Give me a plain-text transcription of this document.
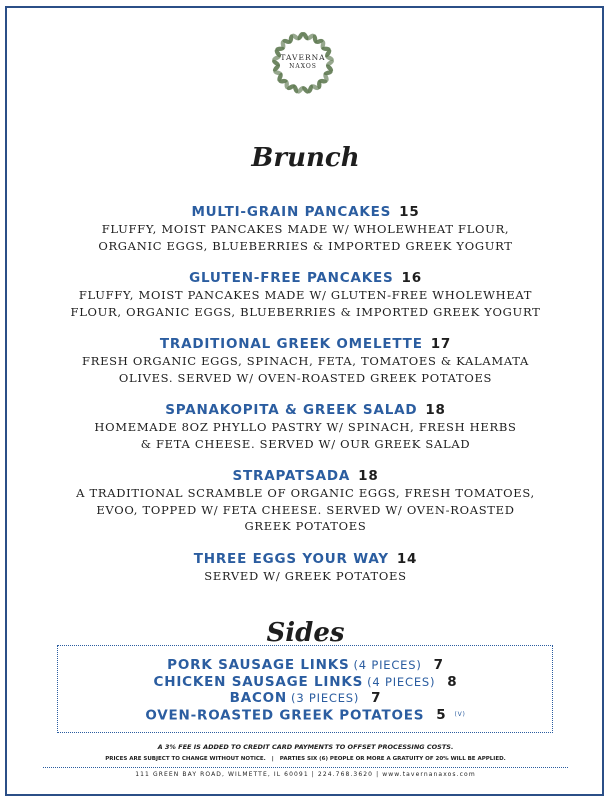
TAVERNA
NAXOS
Brunch
MULTI-GRAIN PANCAKES 15
FLUFFY, MOIST PANCAKES MADE W/ WHOLEWHEAT FLOUR,
ORGANIC EGGS, BLUEBERRIES & IMPORTED GREEK YOGURT
GLUTEN-FREE PANCAKES 16
FLUFFY, MOIST PANCAKES MADE W/ GLUTEN-FREE WHOLEWHEAT
FLOUR, ORGANIC EGGS, BLUEBERRIES & IMPORTED GREEK YOGURT
TRADITIONAL GREEK OMELETTE 17
FRESH ORGANIC EGGS, SPINACH, FETA, TOMATOES & KALAMATA
OLIVES. SERVED W/ OVEN-ROASTED GREEK POTATOES
SPANAKOPITA & GREEK SALAD 18
HOMEMADE 8OZ PHYLLO PASTRY W/ SPINACH, FRESH HERBS
& FETA CHEESE. SERVED W/ OUR GREEK SALAD
STRAPATSADA 18
A TRADITIONAL SCRAMBLE OF ORGANIC EGGS, FRESH TOMATOES,
EVOO, TOPPED W/ FETA CHEESE. SERVED W/ OVEN-ROASTED
GREEK POTATOES
THREE EGGS YOUR WAY 14
SERVED W/ GREEK POTATOES
Sides
PORK SAUSAGE LINKS (4 PIECES) 7
CHICKEN SAUSAGE LINKS (4 PIECES) 8
BACON (3 PIECES) 7
OVEN-ROASTED GREEK POTATOES 5 (V)
A 3% FEE IS ADDED TO CREDIT CARD PAYMENTS TO OFFSET PROCESSING COSTS.
PRICES ARE SUBJECT TO CHANGE WITHOUT NOTICE. | PARTIES SIX (6) PEOPLE OR MORE A GRATUITY OF 20% WILL BE APPLIED.
111 GREEN BAY ROAD, WILMETTE, IL 60091 | 224.768.3620 | www.tavernanaxos.com
